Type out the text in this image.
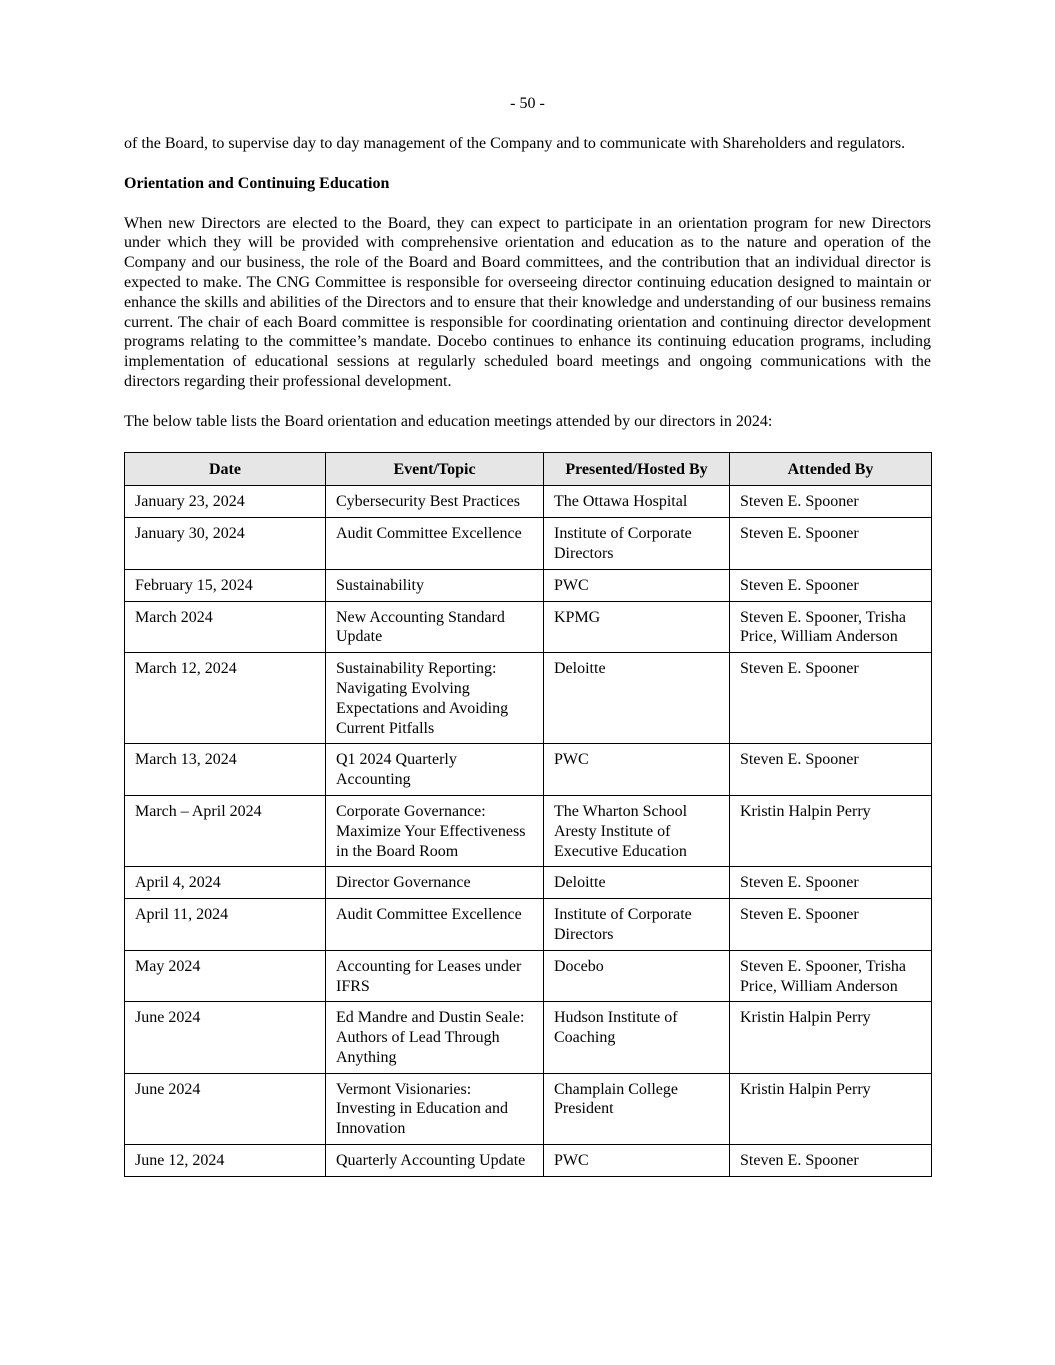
- 50 -

of the Board, to supervise day to day management of the Company and to communicate with Shareholders and regulators.

Orientation and Continuing Education

When new Directors are elected to the Board, they can expect to participate in an orientation program for new Directors under which they will be provided with comprehensive orientation and education as to the nature and operation of the Company and our business, the role of the Board and Board committees, and the contribution that an individual director is expected to make. The CNG Committee is responsible for overseeing director continuing education designed to maintain or enhance the skills and abilities of the Directors and to ensure that their knowledge and understanding of our business remains current. The chair of each Board committee is responsible for coordinating orientation and continuing director development programs relating to the committee’s mandate. Docebo continues to enhance its continuing education programs, including implementation of educational sessions at regularly scheduled board meetings and ongoing communications with the directors regarding their professional development.

The below table lists the Board orientation and education meetings attended by our directors in 2024:

Date	Event/Topic	Presented/Hosted By	Attended By
January 23, 2024	Cybersecurity Best Practices	The Ottawa Hospital	Steven E. Spooner
January 30, 2024	Audit Committee Excellence	Institute of Corporate Directors	Steven E. Spooner
February 15, 2024	Sustainability	PWC	Steven E. Spooner
March 2024	New Accounting Standard Update	KPMG	Steven E. Spooner, Trisha Price, William Anderson
March 12, 2024	Sustainability Reporting: Navigating Evolving Expectations and Avoiding Current Pitfalls	Deloitte	Steven E. Spooner
March 13, 2024	Q1 2024 Quarterly Accounting	PWC	Steven E. Spooner
March – April 2024	Corporate Governance: Maximize Your Effectiveness in the Board Room	The Wharton School Aresty Institute of Executive Education	Kristin Halpin Perry
April 4, 2024	Director Governance	Deloitte	Steven E. Spooner
April 11, 2024	Audit Committee Excellence	Institute of Corporate Directors	Steven E. Spooner
May 2024	Accounting for Leases under IFRS	Docebo	Steven E. Spooner, Trisha Price, William Anderson
June 2024	Ed Mandre and Dustin Seale: Authors of Lead Through Anything	Hudson Institute of Coaching	Kristin Halpin Perry
June 2024	Vermont Visionaries: Investing in Education and Innovation	Champlain College President	Kristin Halpin Perry
June 12, 2024	Quarterly Accounting Update	PWC	Steven E. Spooner
